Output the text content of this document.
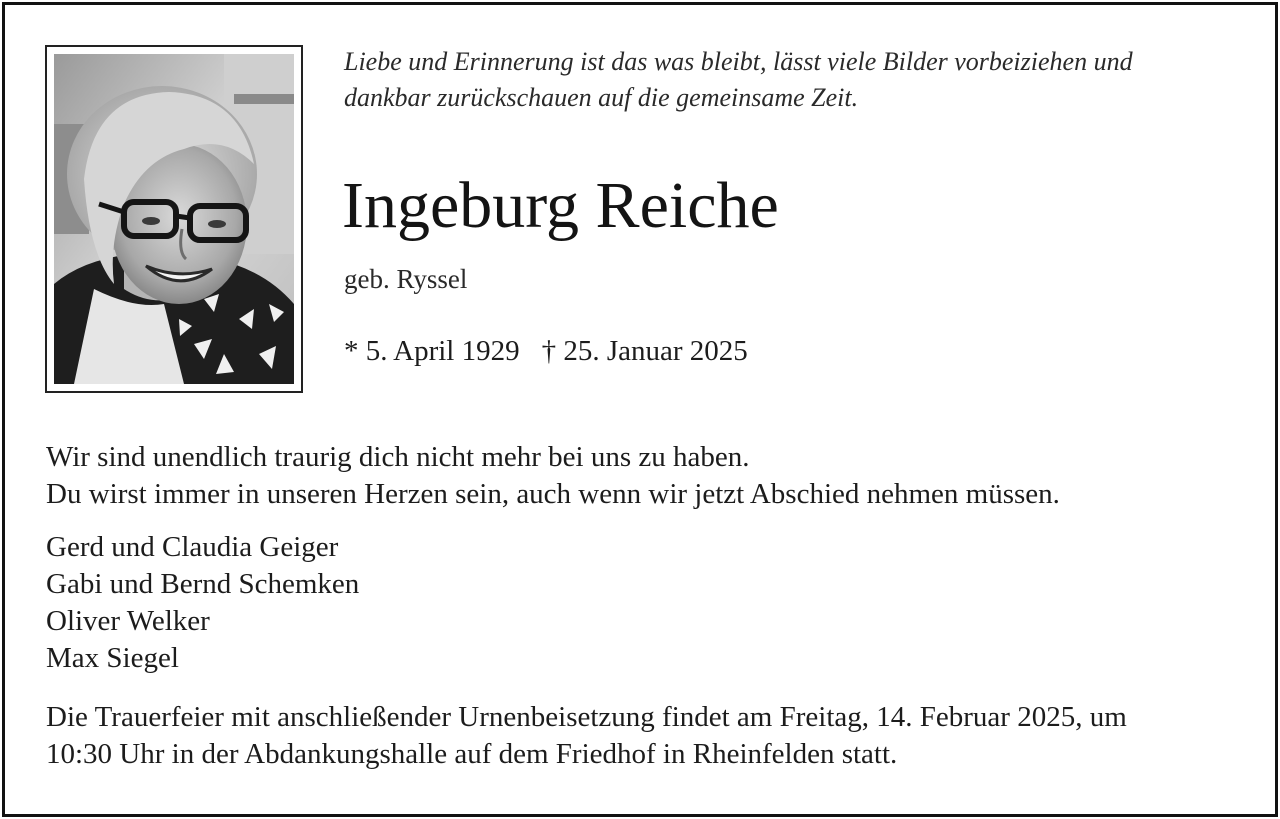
Liebe und Erinnerung ist das was bleibt, lässt viele Bilder vorbeiziehen und
dankbar zurückschauen auf die gemeinsame Zeit.
Ingeburg Reiche
geb. Ryssel
* 5. April 1929 † 25. Januar 2025
Wir sind unendlich traurig dich nicht mehr bei uns zu haben.
Du wirst immer in unseren Herzen sein, auch wenn wir jetzt Abschied nehmen müssen.
Gerd und Claudia Geiger
Gabi und Bernd Schemken
Oliver Welker
Max Siegel
Die Trauerfeier mit anschließender Urnenbeisetzung findet am Freitag, 14. Februar 2025, um
10:30 Uhr in der Abdankungshalle auf dem Friedhof in Rheinfelden statt.
